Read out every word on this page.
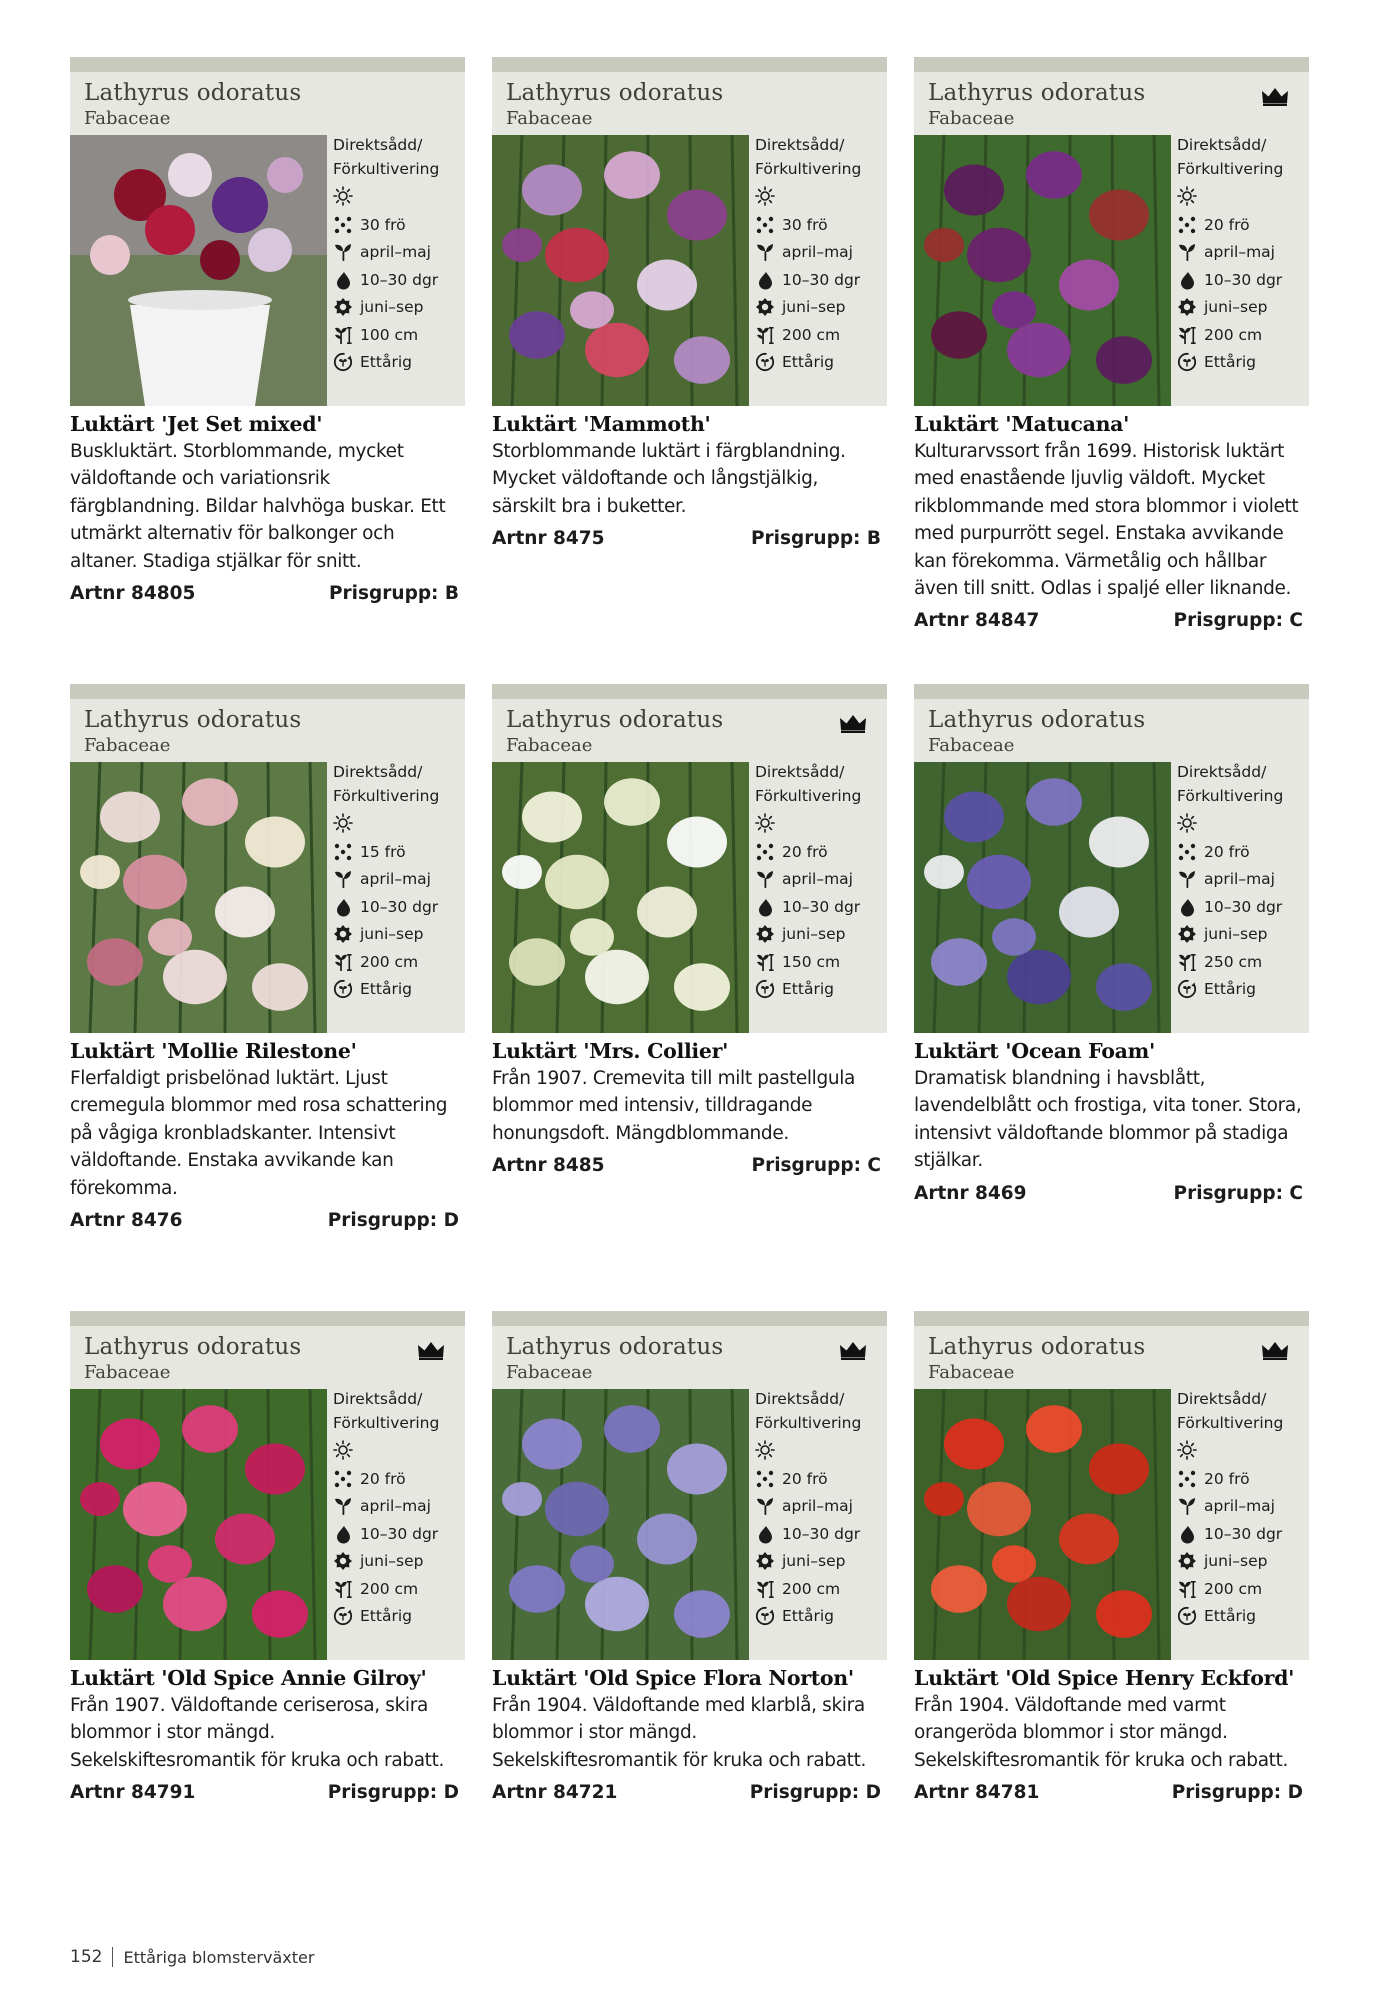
Lathyrus odoratus
Fabaceae
Direktsådd/
Förkultivering
30 frö
april–maj
10–30 dgr
juni–sep
100 cm
Ettårig
Luktärt 'Jet Set mixed'
Buskluktärt. Storblommande, mycket väldoftande och variationsrik färgblandning. Bildar halvhöga buskar. Ett utmärkt alternativ för balkonger och altaner. Stadiga stjälkar för snitt.
Artnr 84805	Prisgrupp: B
Lathyrus odoratus
Fabaceae
Direktsådd/
Förkultivering
30 frö
april–maj
10–30 dgr
juni–sep
200 cm
Ettårig
Luktärt 'Mammoth'
Storblommande luktärt i färgblandning. Mycket väldoftande och långstjälkig, särskilt bra i buketter.
Artnr 8475	Prisgrupp: B
Lathyrus odoratus
Fabaceae
Direktsådd/
Förkultivering
20 frö
april–maj
10–30 dgr
juni–sep
200 cm
Ettårig
Luktärt 'Matucana'
Kulturarvssort från 1699. Historisk luktärt med enastående ljuvlig väldoft. Mycket rikblommande med stora blommor i violett med purpurrött segel. Enstaka avvikande kan förekomma. Värmetålig och hållbar även till snitt. Odlas i spaljé eller liknande.
Artnr 84847	Prisgrupp: C
Lathyrus odoratus
Fabaceae
Direktsådd/
Förkultivering
15 frö
april–maj
10–30 dgr
juni–sep
200 cm
Ettårig
Luktärt 'Mollie Rilestone'
Flerfaldigt prisbelönad luktärt. Ljust cremegula blommor med rosa schattering på vågiga kronbladskanter. Intensivt väldoftande. Enstaka avvikande kan förekomma.
Artnr 8476	Prisgrupp: D
Lathyrus odoratus
Fabaceae
Direktsådd/
Förkultivering
20 frö
april–maj
10–30 dgr
juni–sep
150 cm
Ettårig
Luktärt 'Mrs. Collier'
Från 1907. Cremevita till milt pastellgula blommor med intensiv, tilldragande honungsdoft. Mängdblommande.
Artnr 8485	Prisgrupp: C
Lathyrus odoratus
Fabaceae
Direktsådd/
Förkultivering
20 frö
april–maj
10–30 dgr
juni–sep
250 cm
Ettårig
Luktärt 'Ocean Foam'
Dramatisk blandning i havsblått, lavendelblått och frostiga, vita toner. Stora, intensivt väldoftande blommor på stadiga stjälkar.
Artnr 8469	Prisgrupp: C
Lathyrus odoratus
Fabaceae
Direktsådd/
Förkultivering
20 frö
april–maj
10–30 dgr
juni–sep
200 cm
Ettårig
Luktärt 'Old Spice Annie Gilroy'
Från 1907. Väldoftande ceriserosa, skira blommor i stor mängd. Sekelskiftesromantik för kruka och rabatt.
Artnr 84791	Prisgrupp: D
Lathyrus odoratus
Fabaceae
Direktsådd/
Förkultivering
20 frö
april–maj
10–30 dgr
juni–sep
200 cm
Ettårig
Luktärt 'Old Spice Flora Norton'
Från 1904. Väldoftande med klarblå, skira blommor i stor mängd. Sekelskiftesromantik för kruka och rabatt.
Artnr 84721	Prisgrupp: D
Lathyrus odoratus
Fabaceae
Direktsådd/
Förkultivering
20 frö
april–maj
10–30 dgr
juni–sep
200 cm
Ettårig
Luktärt 'Old Spice Henry Eckford'
Från 1904. Väldoftande med varmt orangeröda blommor i stor mängd. Sekelskiftesromantik för kruka och rabatt.
Artnr 84781	Prisgrupp: D
152 Ettåriga blomsterväxter
